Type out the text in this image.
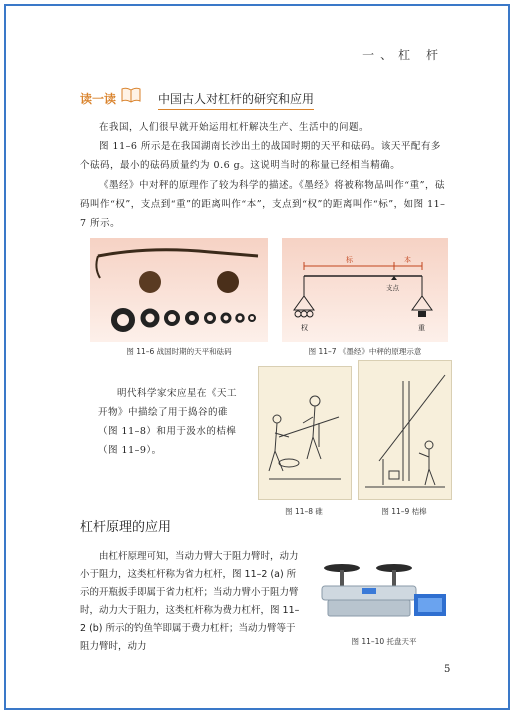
一、杠 杆
读一读	中国古人对杠杆的研究和应用

在我国，人们很早就开始运用杠杆解决生产、生活中的问题。

图 11–6 所示是在我国湖南长沙出土的战国时期的天平和砝码。该天平配有多个砝码，最小的砝码质量约为 0.6 g。这说明当时的称量已经相当精确。

《墨经》中对秤的原理作了较为科学的描述。《墨经》将被称物品叫作“重”，砝码叫作“权”，支点到“重”的距离叫作“本”，支点到“权”的距离叫作“标”，如图 11–7 所示。

图 11–6 战国时期的天平和砝码
标	本
支点
权	重
图 11–7 《墨经》中秤的原理示意

明代科学家宋应星在《天工开物》中描绘了用于捣谷的碓（图 11–8）和用于汲水的桔槔（图 11–9）。

图 11–8 碓	图 11–9 桔槔
杠杆原理的应用

由杠杆原理可知，当动力臂大于阻力臂时，动力小于阻力，这类杠杆称为省力杠杆，图 11–2 (a) 所示的开瓶扳手即属于省力杠杆；当动力臂小于阻力臂时，动力大于阻力，这类杠杆称为费力杠杆，图 11–2 (b) 所示的钓鱼竿即属于费力杠杆；当动力臂等于阻力臂时，动力	图 11–10 托盘天平
5
